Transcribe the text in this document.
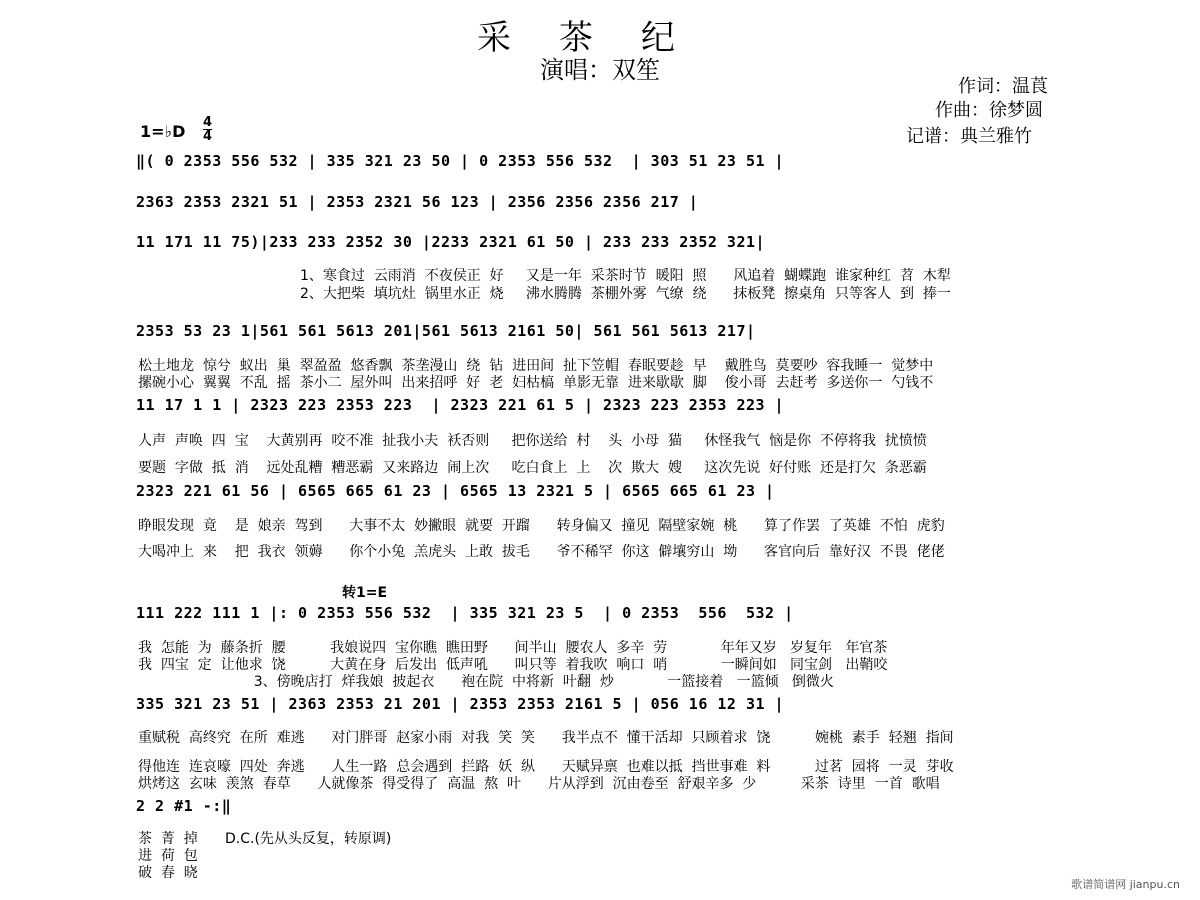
采茶纪
演唱：双笙
作词：温莨
作曲：徐梦圆
记谱：典兰雅竹
1=♭D 4
4
‖( 0 2353 556 532 | 335 321 23 50 | 0 2353 556 532  | 303 51 23 51 |
2363 2353 2321 51 | 2353 2321 56 123 | 2356 2356 2356 217 |
11 171 11 75)|233 233 2352 30 |2233 2321 61 50 | 233 233 2352 321|
1、寒食过  云雨消  不夜侯正  好     又是一年  采茶时节  暖阳  照      风追着  蝴蝶跑  谁家种红  苕  木犁
2、大把柴  填坑灶  锅里水正  烧     沸水腾腾  茶棚外雾  气缭  绕      抹板凳  擦桌角  只等客人  到  捧一
2353 53 23 1|561 561 5613 201|561 5613 2161 50| 561 561 5613 217|
松土地龙  惊兮  蚁出  巢  翠盈盈  悠香飘  茶垄漫山  绕  钻  进田间  扯下笠帽  春眠要趁  早    戴胜鸟  莫要吵  容我睡一  觉梦中
摞碗小心  翼翼  不乱  摇  茶小二  屋外叫  出来招呼  好  老  妇枯槁  单影无靠  进来歇歇  脚    俊小哥  去赶考  多送你一  勺钱不
11 17 1 1 | 2323 223 2353 223  | 2323 221 61 5 | 2323 223 2353 223 |
人声  声唤  四  宝    大黄别再  咬不准  扯我小夫  袄否则     把你送给  村    头  小母  猫     休怪我气  恼是你  不停将我  扰愤愤
要题  字做  抵  消    远处乱糟  糟恶霸  又来路边  闹上次     吃白食上  上    次  欺大  嫂     这次先说  好付账  还是打欠  条恶霸
2323 221 61 56 | 6565 665 61 23 | 6565 13 2321 5 | 6565 665 61 23 |
睁眼发现  竟    是  娘亲  驾到      大事不太  妙撇眼  就要  开蹓      转身偏又  撞见  隔壁家婉  桃      算了作罢  了英雄  不怕  虎豹
大喝冲上  来    把  我衣  领薅      你个小兔  羔虎头  上敢  拔毛      爷不稀罕  你这  僻壤穷山  坳      客官向后  靠好汉  不畏  佬佬
转1=E
111 222 111 1 |: 0 2353 556 532  | 335 321 23 5  | 0 2353  556  532 |
我  怎能  为  藤条折  腰          我娘说四  宝你瞧  瞧田野      间半山  腰农人  多辛  劳            年年又岁   岁复年   年官茶
我  四宝  定  让他求  饶          大黄在身  后发出  低声吼      叫只等  着我吹  响口  哨            一瞬间如   同宝剑   出鞘咬
3、傍晚店打  烊我娘  披起衣      袍在院  中将新  叶翻  炒            一篮接着   一篮倾   倒微火
335 321 23 51 | 2363 2353 21 201 | 2353 2353 2161 5 | 056 16 12 31 |
重赋税  高终究  在所  难逃      对门胖哥  赵家小雨  对我  笑  笑      我半点不  懂干活却  只顾着求  饶          婉桃  素手  轻翘  指间
得他连  连哀嚎  四处  奔逃      人生一路  总会遇到  拦路  妖  纵      天赋异禀  也难以抵  挡世事难  料          过茗  园将  一灵  芽收
烘烤这  玄味  羡煞  春草      人就像茶  得受得了  高温  熬  叶      片从浮到  沉由卷至  舒艰辛多  少          采茶  诗里  一首  歌唱
2 2 #1 -:‖
茶  菁  掉
进  荷  包
破  春  晓
D.C.(先从头反复，转原调)
歌谱简谱网 jianpu.cn
